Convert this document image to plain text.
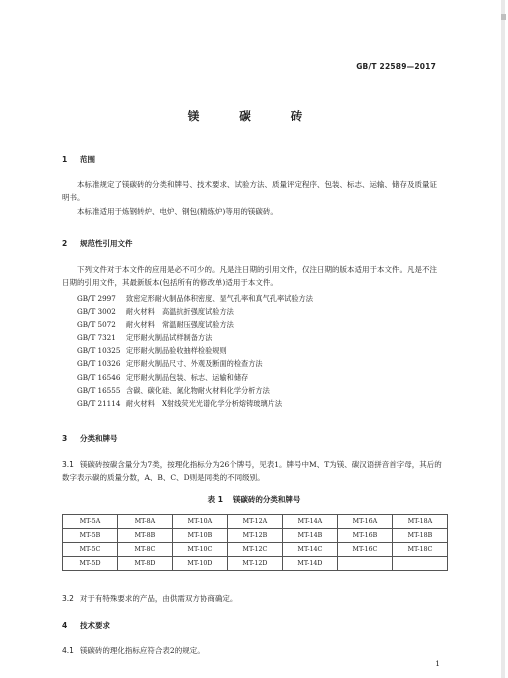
GB/T 22589—2017
镁 碳 砖
1 范围
本标准规定了镁碳砖的分类和牌号、技术要求、试验方法、质量评定程序、包装、标志、运输、储存及质量证明书。
本标准适用于炼钢转炉、电炉、钢包(精炼炉)等用的镁碳砖。
2 规范性引用文件
下列文件对于本文件的应用是必不可少的。凡是注日期的引用文件，仅注日期的版本适用于本文件。凡是不注日期的引用文件，其最新版本(包括所有的修改单)适用于本文件。
GB/T 2997 致密定形耐火制品体积密度、显气孔率和真气孔率试验方法
GB/T 3002 耐火材料　高温抗折强度试验方法
GB/T 5072 耐火材料　常温耐压强度试验方法
GB/T 7321 定形耐火制品试样制备方法
GB/T 10325 定形耐火制品验收抽样检验规则
GB/T 10326 定形耐火制品尺寸、外观及断面的检查方法
GB/T 16546 定形耐火制品包装、标志、运输和储存
GB/T 16555 含碳、碳化硅、氮化物耐火材料化学分析方法
GB/T 21114 耐火材料　X射线荧光光谱化学分析熔铸玻璃片法
3 分类和牌号
3.1 镁碳砖按碳含量分为7类，按理化指标分为26个牌号，见表1。牌号中M、T为镁、碳汉语拼音首字母，其后的数字表示碳的质量分数，A、B、C、D则是同类的不同级别。
表 1 镁碳砖的分类和牌号
MT-5A	MT-8A	MT-10A	MT-12A	MT-14A	MT-16A	MT-18A
MT-5B	MT-8B	MT-10B	MT-12B	MT-14B	MT-16B	MT-18B
MT-5C	MT-8C	MT-10C	MT-12C	MT-14C	MT-16C	MT-18C
MT-5D	MT-8D	MT-10D	MT-12D	MT-14D		
3.2 对于有特殊要求的产品，由供需双方协商确定。
4 技术要求
4.1 镁碳砖的理化指标应符合表2的规定。
1
